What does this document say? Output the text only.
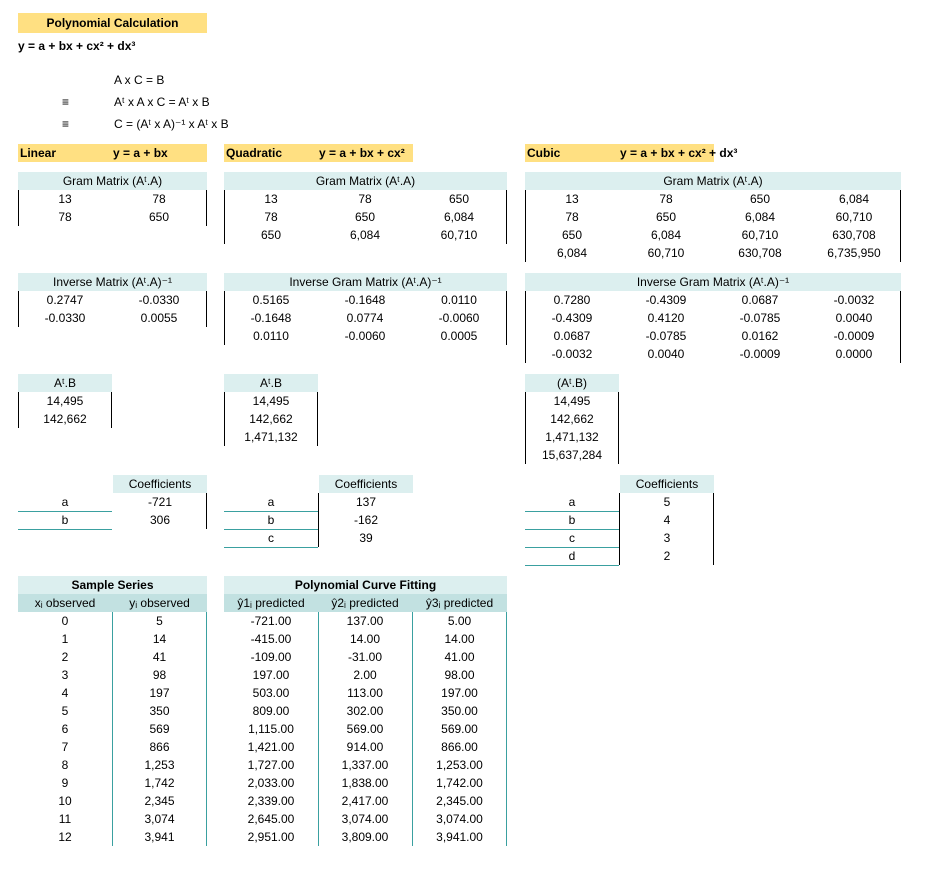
Polynomial Calculation
y = a + bx + cx² + dx³
A x C = B
≡	Aᵗ x A x C = Aᵗ x B
≡	C = (Aᵗ x A)⁻¹ x Aᵗ x B
Linear	y = a + bx	Quadratic	y = a + bx + cx²	Cubic	y = a + bx + cx² + dx³
Gram Matrix (Aᵗ.A)
13	78
78	650
Gram Matrix (Aᵗ.A)
13	78	650
78	650	6,084
650	6,084	60,710
Gram Matrix (Aᵗ.A)
13	78	650	6,084
78	650	6,084	60,710
650	6,084	60,710	630,708
6,084	60,710	630,708	6,735,950
Inverse Matrix (Aᵗ.A)⁻¹
0.2747	-0.0330
-0.0330	0.0055
Inverse Gram Matrix (Aᵗ.A)⁻¹
0.5165	-0.1648	0.0110
-0.1648	0.0774	-0.0060
0.0110	-0.0060	0.0005
Inverse Gram Matrix (Aᵗ.A)⁻¹
0.7280	-0.4309	0.0687	-0.0032
-0.4309	0.4120	-0.0785	0.0040
0.0687	-0.0785	0.0162	-0.0009
-0.0032	0.0040	-0.0009	0.0000
Aᵗ.B
14,495
142,662
Aᵗ.B
14,495
142,662
1,471,132
(Aᵗ.B)
14,495
142,662
1,471,132
15,637,284
Coefficients
a	-721
b	306
Coefficients
a	137
b	-162
c	39
Coefficients
a	5
b	4
c	3
d	2
Sample Series
xᵢ observed	yᵢ observed
0	5
1	14
2	41
3	98
4	197
5	350
6	569
7	866
8	1,253
9	1,742
10	2,345
11	3,074
12	3,941
Polynomial Curve Fitting
ŷ1ᵢ predicted	ŷ2ᵢ predicted	ŷ3ᵢ predicted
-721.00	137.00	5.00
-415.00	14.00	14.00
-109.00	-31.00	41.00
197.00	2.00	98.00
503.00	113.00	197.00
809.00	302.00	350.00
1,115.00	569.00	569.00
1,421.00	914.00	866.00
1,727.00	1,337.00	1,253.00
2,033.00	1,838.00	1,742.00
2,339.00	2,417.00	2,345.00
2,645.00	3,074.00	3,074.00
2,951.00	3,809.00	3,941.00
